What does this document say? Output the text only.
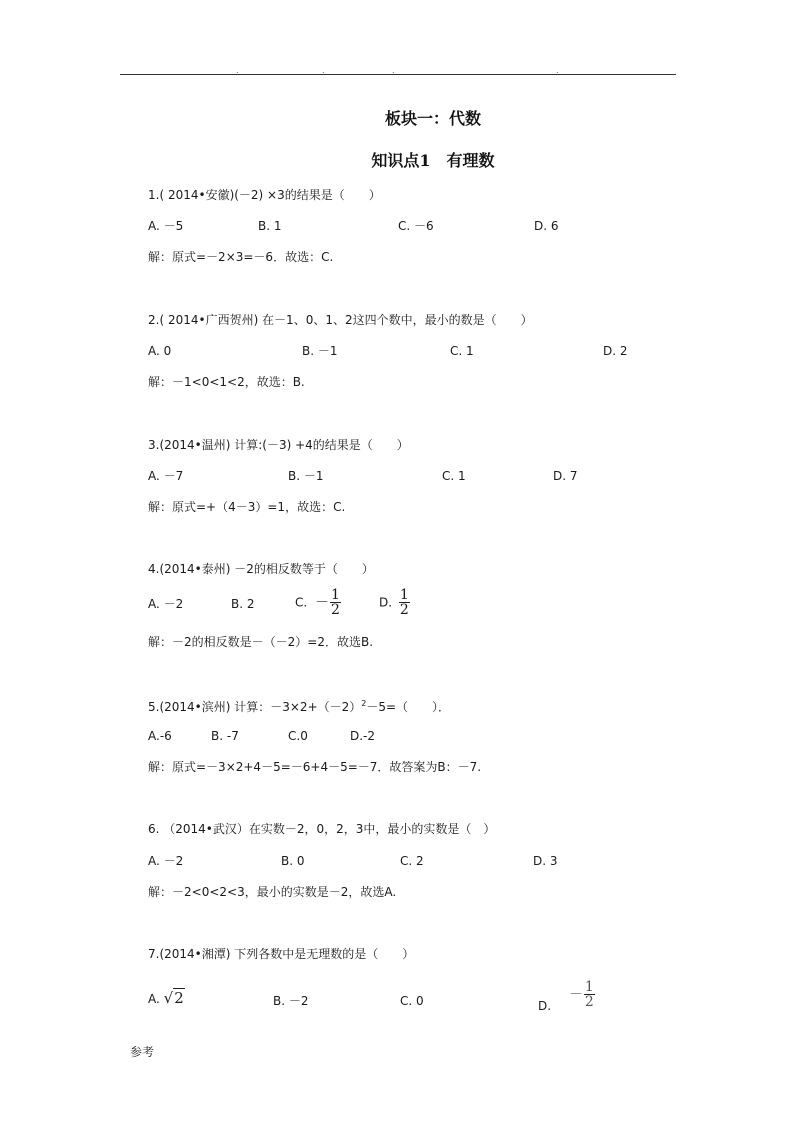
.	.	.	.
板块一：代数
知识点1　有理数
1.( 2014•安徽)(－2) ×3的结果是（　　）
A. －5	B. 1	C. －6	D. 6
解：原式=－2×3=－6．故选：C.
2.( 2014•广西贺州) 在－1、0、1、2这四个数中，最小的数是（　　）
A. 0	B. －1	C. 1	D. 2
解：－1<0<1<2，故选：B.
3.(2014•温州) 计算:(－3) +4的结果是（　　）
A. －7	B. －1	C. 1	D. 7
解：原式=+（4－3）=1，故选：C.
4.(2014•泰州) －2的相反数等于（　　）
A. －2	B. 2	C. － $\frac{1}{2}$	D. $\frac{1}{2}$
解：－2的相反数是－（－2）=2．故选B.
5.(2014•滨州) 计算：$-3\times 2+(-2)^2-5=$（　　）．
A.-6	B. -7	C.0	D.-2
解：原式=－3×2+4－5=－6+4－5=－7．故答案为B：－7.
6. （2014•武汉）在实数－2，0，2，3中，最小的实数是（　）
A. －2	B. 0	C. 2	D. 3
解：－2<0<2<3，最小的实数是－2，故选A.
7.(2014•湘潭) 下列各数中是无理数的是（　　）
A. √2	B. －2	C. 0	D. － $\frac{1}{2}$
参考
